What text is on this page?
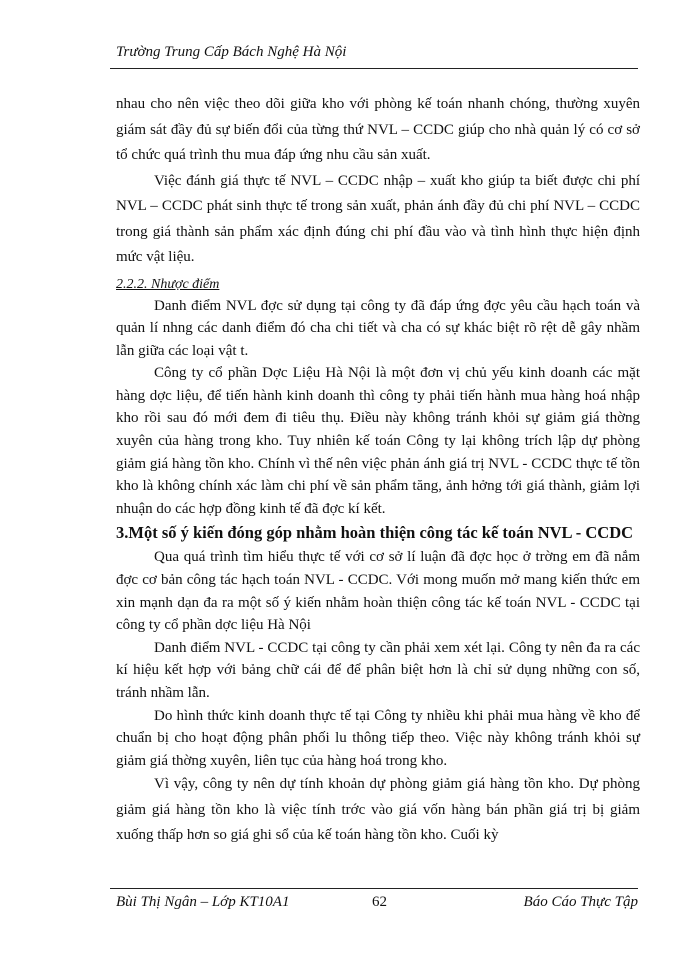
Trường Trung Cấp Bách Nghệ Hà Nội

nhau cho nên việc theo dõi giữa kho với phòng kế toán nhanh chóng, thường xuyên giám sát đầy đủ sự biến đổi của từng thứ NVL – CCDC giúp cho nhà quản lý có cơ sở tổ chức quá trình thu mua đáp ứng nhu cầu sản xuất.

Việc đánh giá thực tế NVL – CCDC nhập – xuất kho giúp ta biết được chi phí NVL – CCDC phát sinh thực tế trong sản xuất, phản ánh đầy đủ chi phí NVL – CCDC trong giá thành sản phẩm xác định đúng chi phí đầu vào và tình hình thực hiện định mức vật liệu.

2.2.2. Nhược điểm

Danh điểm NVL đợc sử dụng tại công ty đã đáp ứng đợc yêu cầu hạch toán và quản lí nhng các danh điểm đó cha chi tiết và cha có sự khác biệt rõ rệt dễ gây nhầm lẫn giữa các loại vật t.

Công ty cổ phần Dợc Liệu Hà Nội là một đơn vị chủ yếu kinh doanh các mặt hàng dợc liệu, để tiến hành kinh doanh thì công ty phải tiến hành mua hàng hoá nhập kho rồi sau đó mới đem đi tiêu thụ. Điều này không tránh khỏi sự giảm giá thờng xuyên của hàng trong kho. Tuy nhiên kế toán Công ty lại không trích lập dự phòng giảm giá hàng tồn kho. Chính vì thế nên việc phản ánh giá trị NVL - CCDC thực tế tồn kho là không chính xác làm chi phí về sản phẩm tăng, ảnh hởng tới giá thành, giảm lợi nhuận do các hợp đồng kinh tế đã đợc kí kết.

3.Một số ý kiến đóng góp nhằm hoàn thiện công tác kế toán NVL - CCDC

Qua quá trình tìm hiểu thực tế với cơ sở lí luận đã đợc học ở trờng em đã nắm đợc cơ bản công tác hạch toán NVL - CCDC. Với mong muốn mở mang kiến thức em xin mạnh dạn đa ra một số ý kiến nhằm hoàn thiện công tác kế toán NVL - CCDC tại công ty cổ phần dợc liệu Hà Nội

Danh điểm NVL - CCDC tại công ty cần phải xem xét lại. Công ty nên đa ra các kí hiệu kết hợp với bảng chữ cái để để phân biệt hơn là chỉ sử dụng những con số, tránh nhầm lẫn.

Do hình thức kinh doanh thực tế tại Công ty nhiều khi phải mua hàng về kho để chuẩn bị cho hoạt động phân phối lu thông tiếp theo. Việc này không tránh khỏi sự giảm giá thờng xuyên, liên tục của hàng hoá trong kho.

Vì vậy, công ty nên dự tính khoản dự phòng giảm giá hàng tồn kho. Dự phòng giảm giá hàng tồn kho là việc tính trớc vào giá vốn hàng bán phần giá trị bị giảm xuống thấp hơn so giá ghi sổ của kế toán hàng tồn kho. Cuối kỳ

Bùi Thị Ngân – Lớp KT10A1	62	Báo Cáo Thực Tập
